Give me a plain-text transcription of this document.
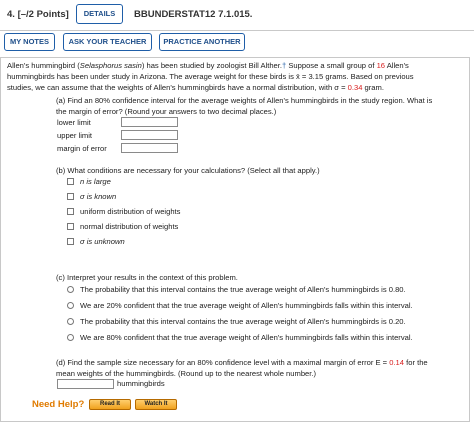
4. [–/2 Points]	DETAILS	BBUNDERSTAT12 7.1.015.
MY NOTES	ASK YOUR TEACHER	PRACTICE ANOTHER
Allen's hummingbird (Selasphorus sasin) has been studied by zoologist Bill Alther.† Suppose a small group of 16 Allen's
hummingbirds has been under study in Arizona. The average weight for these birds is x̄ = 3.15 grams. Based on previous
studies, we can assume that the weights of Allen's hummingbirds have a normal distribution, with σ = 0.34 gram.
(a) Find an 80% confidence interval for the average weights of Allen's hummingbirds in the study region. What is
the margin of error? (Round your answers to two decimal places.)
lower limit
upper limit
margin of error
(b) What conditions are necessary for your calculations? (Select all that apply.)
n is large
σ is known
uniform distribution of weights
normal distribution of weights
σ is unknown
(c) Interpret your results in the context of this problem.
The probability that this interval contains the true average weight of Allen's hummingbirds is 0.80.
We are 20% confident that the true average weight of Allen's hummingbirds falls within this interval.
The probability that this interval contains the true average weight of Allen's hummingbirds is 0.20.
We are 80% confident that the true average weight of Allen's hummingbirds falls within this interval.
(d) Find the sample size necessary for an 80% confidence level with a maximal margin of error E = 0.14 for the
mean weights of the hummingbirds. (Round up to the nearest whole number.)
hummingbirds
Need Help?	Read It	Watch It
